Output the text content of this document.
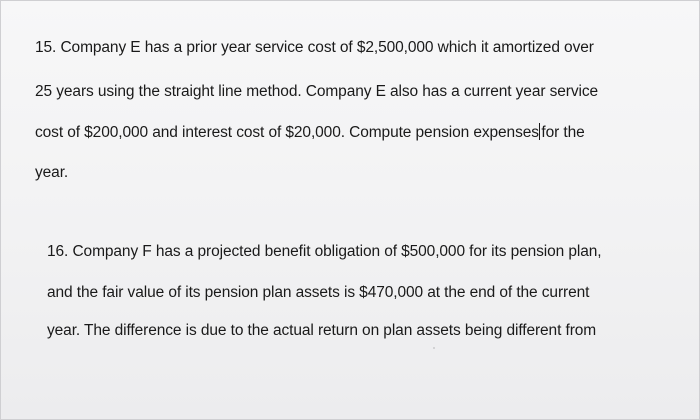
15. Company E has a prior year service cost of $2,500,000 which it amortized over
25 years using the straight line method. Company E also has a current year service
cost of $200,000 and interest cost of $20,000. Compute pension expenses for the
year.
16. Company F has a projected benefit obligation of $500,000 for its pension plan,
and the fair value of its pension plan assets is $470,000 at the end of the current
year. The difference is due to the actual return on plan assets being different from
